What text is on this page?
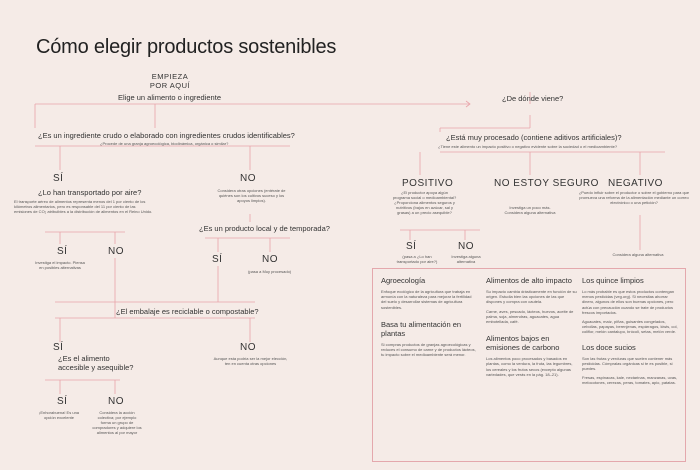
Cómo elegir productos sostenibles
EMPIEZA
POR AQUÍ
Elige un alimento o ingrediente	¿De dónde viene?
¿Es un ingrediente crudo o elaborado con ingredientes crudos identificables?
¿Procede de una granja agroecológica, biodinámica, orgánica o similar?
SÍ
¿Lo han transportado por aire?
El transporte aéreo de alimentos representa menos del 1 por ciento de los kilómetros alimentarios, pero es responsable del 11 por ciento de las emisiones de CO₂ atribuibles a la distribución de alimentos en el Reino Unido.
NO
Considera otras opciones (entérate de quiénes son los cultivos suceso y los apoyos limpios).
SÍ
Investiga el impacto. Piensa en posibles alternativas
NO
¿Es un producto local y de temporada?
SÍ	NO
(pasa a Muy procesado)
¿El embalaje es reciclable o compostable?
SÍ
¿Es el alimento accesible y asequible?
NO
Aunque esta podría ser la mejor elección, ten en cuenta otras opciones
SÍ
¡Enhorabuena! Es una opción excelente
NO
Considera la acción colectiva; por ejemplo forma un grupo de compradores y adquiere los alimentos al por mayor
¿Está muy procesado (contiene aditivos artificiales)?
¿Tiene este alimento un impacto positivo o negativo evidente sobre la sociedad o el medioambiente?
POSITIVO
¿El productor apoya algún programa social o medioambiental? ¿Proporciona alimentos seguros y nutritivos (bajos en azúcar, sal y grasas) a un precio asequible?
NO ESTOY SEGURO
Investiga un poco más. Considera alguna alternativa
NEGATIVO
¿Puedo influir sobre el productor o sobre el gobierno para que promueva una reforma de la alimentación mediante un correo electrónico o una petición?
Considera alguna alternativa
SÍ
(pasa a ¿Lo han transportado por aire?)
NO
Investiga alguna alternativa
Agroecología
Enfoque ecológico de la agricultura que trabaja en armonía con la naturaleza para mejorar la fertilidad del suelo y desarrollar sistemas de agricultura sostenibles.
Basa tu alimentación en plantas
Si compras productos de granjas agroecológicas y reduces el consumo de carne y de productos lácteos, tu impacto sobre el medioambiente será menor.
Alimentos de alto impacto
Su impacto cambia drásticamente en función de su origen. Estudia bien las opciones de las que dispones y compra con cautela.
Carne, aves, pescado, lácteos, huevos, aceite de palma, soja, almendras, aguacates, agua embotellada, café.
Alimentos bajos en emisiones de carbono
Los alimentos poco procesados y basados en plantas, como la verdura, la fruta, las legumbres, los cereales y los frutos secos (excepto algunas variedades, que verás en la pág. 18–21).
Los quince limpios
Lo más probable es que estos productos contengan menos pesticidas (veg.org). Si necesitas ahorrar dinero, algunos de ellos son buenas opciones, pero actúa con precaución cuando se trate de productos frescos importados.
Aguacates, maíz, piñas, guisantes congelados, cebollas, papayas, berenjenas, espárragos, kiwis, col, coliflor, melón cantalupo, brócoli, setas, melón verde.
Los doce sucios
Son las frutas y verduras que suelen contener más pesticidas. Cómpralas orgánicas si te es posible, si puedes.
Fresas, espinacas, kale, nectarinas, manzanas, uvas, melocotones, cerezas, peras, tomates, apio, patatas.
